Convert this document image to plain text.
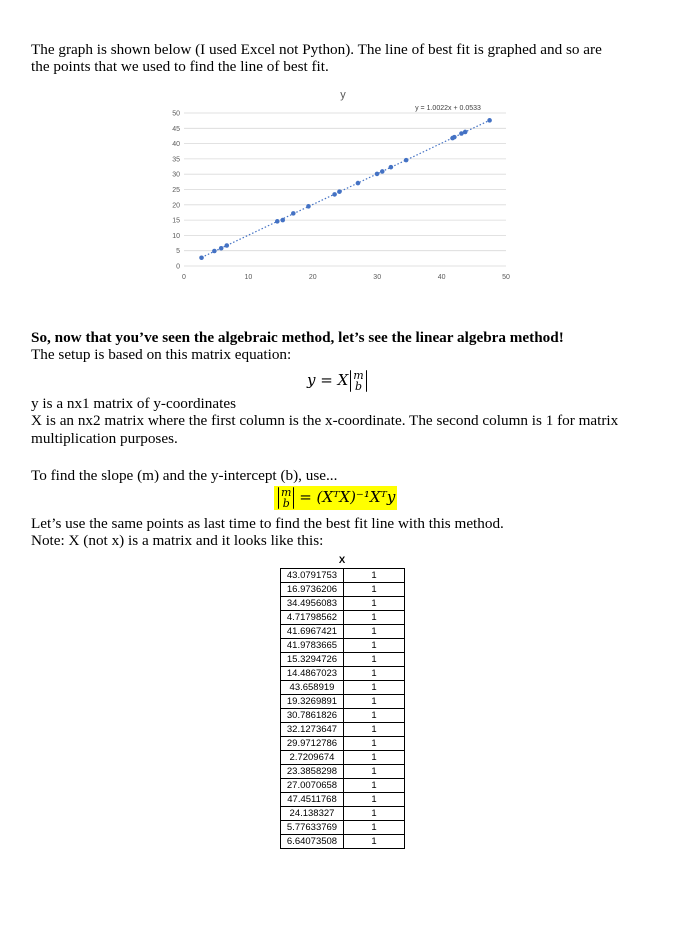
The graph is shown below (I used Excel not Python). The line of best fit is graphed and so are

the points that we used to find the line of best fit.

0
5
10
15
20
25
30
35
40
45
50
0	10	20	30	40	50
y
y = 1.0022x + 0.0533

So, now that you’ve seen the algebraic method, let’s see the linear algebra method!

The setup is based on this matrix equation:

y = X m
b

y is a nx1 matrix of y-coordinates

X is an nx2 matrix where the first column is the x-coordinate. The second column is 1 for matrix

multiplication purposes.

To find the slope (m) and the y-intercept (b), use...

m
b = (XᵀX)⁻¹Xᵀy

Let’s use the same points as last time to find the best fit line with this method.

Note: X (not x) is a matrix and it looks like this:

X
43.0791753	1
16.9736206	1
34.4956083	1
4.71798562	1
41.6967421	1
41.9783665	1
15.3294726	1
14.4867023	1
43.658919	1
19.3269891	1
30.7861826	1
32.1273647	1
29.9712786	1
2.7209674	1
23.3858298	1
27.0070658	1
47.4511768	1
24.138327	1
5.77633769	1
6.64073508	1
